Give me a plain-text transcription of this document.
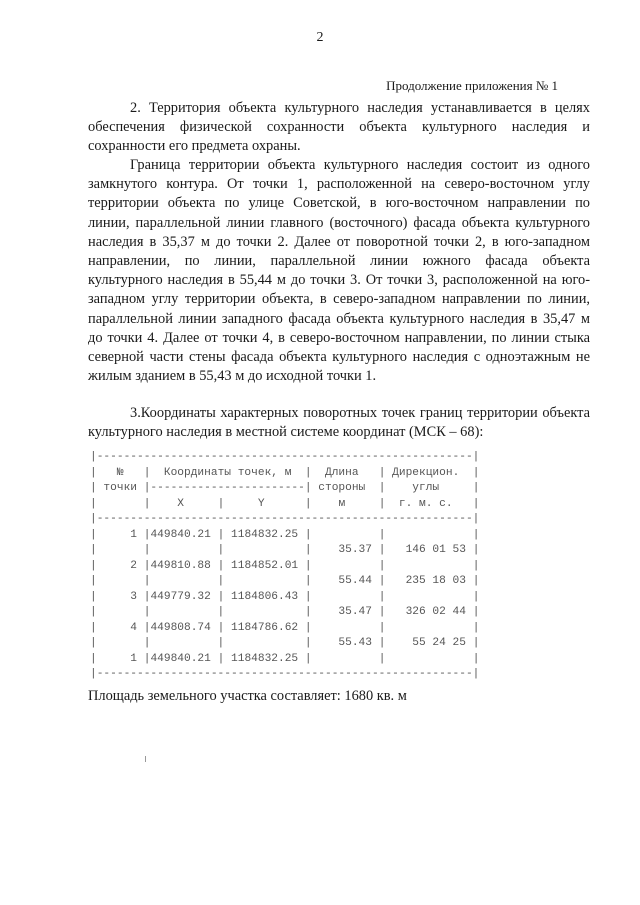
2
Продолжение приложения № 1

2. Территория объекта культурного наследия устанавливается в целях обеспечения физической сохранности объекта культурного наследия и сохранности его предмета охраны.

Граница территории объекта культурного наследия состоит из одного замкнутого контура. От точки 1, расположенной на северо-восточном углу территории объекта по улице Советской, в юго-восточном направлении по линии, параллельной линии главного (восточного) фасада объекта культурного наследия в 35,37 м до точки 2. Далее от поворотной точки 2, в юго-западном направлении, по линии, параллельной линии южного фасада объекта культурного наследия в 55,44 м до точки 3. От точки 3, расположенной на юго-западном углу территории объекта, в северо-западном направлении по линии, параллельной линии западного фасада объекта культурного наследия в 35,47 м до точки 4. Далее от точки 4, в северо-восточном направлении, по линии стыка северной части стены фасада объекта культурного наследия с одноэтажным не жилым зданием в 55,43 м до исходной точки 1.

3.Координаты характерных поворотных точек границ территории объекта культурного наследия в местной системе координат (МСК – 68):

|--------------------------------------------------------|
|   №   |  Координаты точек, м  |  Длина   | Дирекцион.  |
| точки |-----------------------| стороны  |    углы     |
|       |    X     |     Y      |    м     |  г. м. с.   |
|--------------------------------------------------------|
|     1 |449840.21 | 1184832.25 |          |             |
|       |          |            |    35.37 |   146 01 53 |
|     2 |449810.88 | 1184852.01 |          |             |
|       |          |            |    55.44 |   235 18 03 |
|     3 |449779.32 | 1184806.43 |          |             |
|       |          |            |    35.47 |   326 02 44 |
|     4 |449808.74 | 1184786.62 |          |             |
|       |          |            |    55.43 |    55 24 25 |
|     1 |449840.21 | 1184832.25 |          |             |
|--------------------------------------------------------|
Площадь земельного участка составляет: 1680 кв. м
